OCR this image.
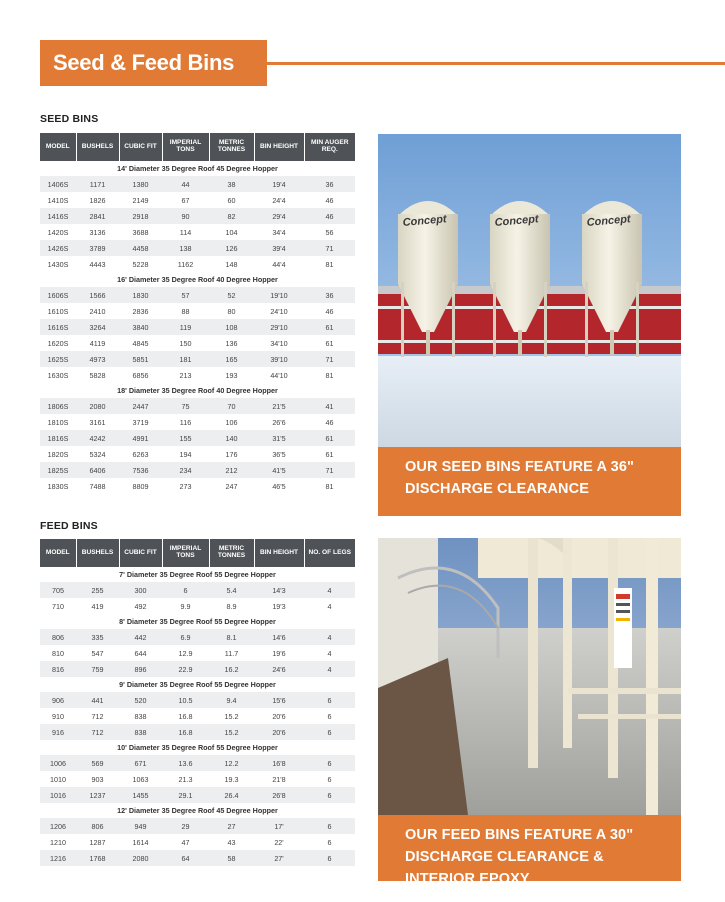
Seed & Feed Bins
SEED BINS
MODEL	BUSHELS	CUBIC FIT	IMPERIAL TONS	METRIC TONNES	BIN HEIGHT	MIN AUGER REQ.
14' Diameter 35 Degree Roof 45 Degree Hopper						
1406S	1171	1380	44	38	19'4	36
1410S	1826	2149	67	60	24'4	46
1416S	2841	2918	90	82	29'4	46
1420S	3136	3688	114	104	34'4	56
1426S	3789	4458	138	126	39'4	71
1430S	4443	5228	1162	148	44'4	81
16' Diameter 35 Degree Roof 40 Degree Hopper						
1606S	1566	1830	57	52	19'10	36
1610S	2410	2836	88	80	24'10	46
1616S	3264	3840	119	108	29'10	61
1620S	4119	4845	150	136	34'10	61
1625S	4973	5851	181	165	39'10	71
1630S	5828	6856	213	193	44'10	81
18' Diameter 35 Degree Roof 40 Degree Hopper						
1806S	2080	2447	75	70	21'5	41
1810S	3161	3719	116	106	26'6	46
1816S	4242	4991	155	140	31'5	61
1820S	5324	6263	194	176	36'5	61
1825S	6406	7536	234	212	41'5	71
1830S	7488	8809	273	247	46'5	81
FEED BINS
MODEL	BUSHELS	CUBIC FIT	IMPERIAL TONS	METRIC TONNES	BIN HEIGHT	NO. OF LEGS
7' Diameter 35 Degree Roof 55 Degree Hopper						
705	255	300	6	5.4	14'3	4
710	419	492	9.9	8.9	19'3	4
8' Diameter 35 Degree Roof 55 Degree Hopper						
806	335	442	6.9	8.1	14'6	4
810	547	644	12.9	11.7	19'6	4
816	759	896	22.9	16.2	24'6	4
9' Diameter 35 Degree Roof 55 Degree Hopper						
906	441	520	10.5	9.4	15'6	6
910	712	838	16.8	15.2	20'6	6
916	712	838	16.8	15.2	20'6	6
10' Diameter 35 Degree Roof 55 Degree Hopper						
1006	569	671	13.6	12.2	16'8	6
1010	903	1063	21.3	19.3	21'8	6
1016	1237	1455	29.1	26.4	26'8	6
12' Diameter 35 Degree Roof 45 Degree Hopper						
1206	806	949	29	27	17'	6
1210	1287	1614	47	43	22'	6
1216	1768	2080	64	58	27'	6
Concept	Concept	Concept
OUR SEED BINS FEATURE A 36" DISCHARGE CLEARANCE
OUR FEED BINS FEATURE A 30" DISCHARGE CLEARANCE & INTERIOR EPOXY
